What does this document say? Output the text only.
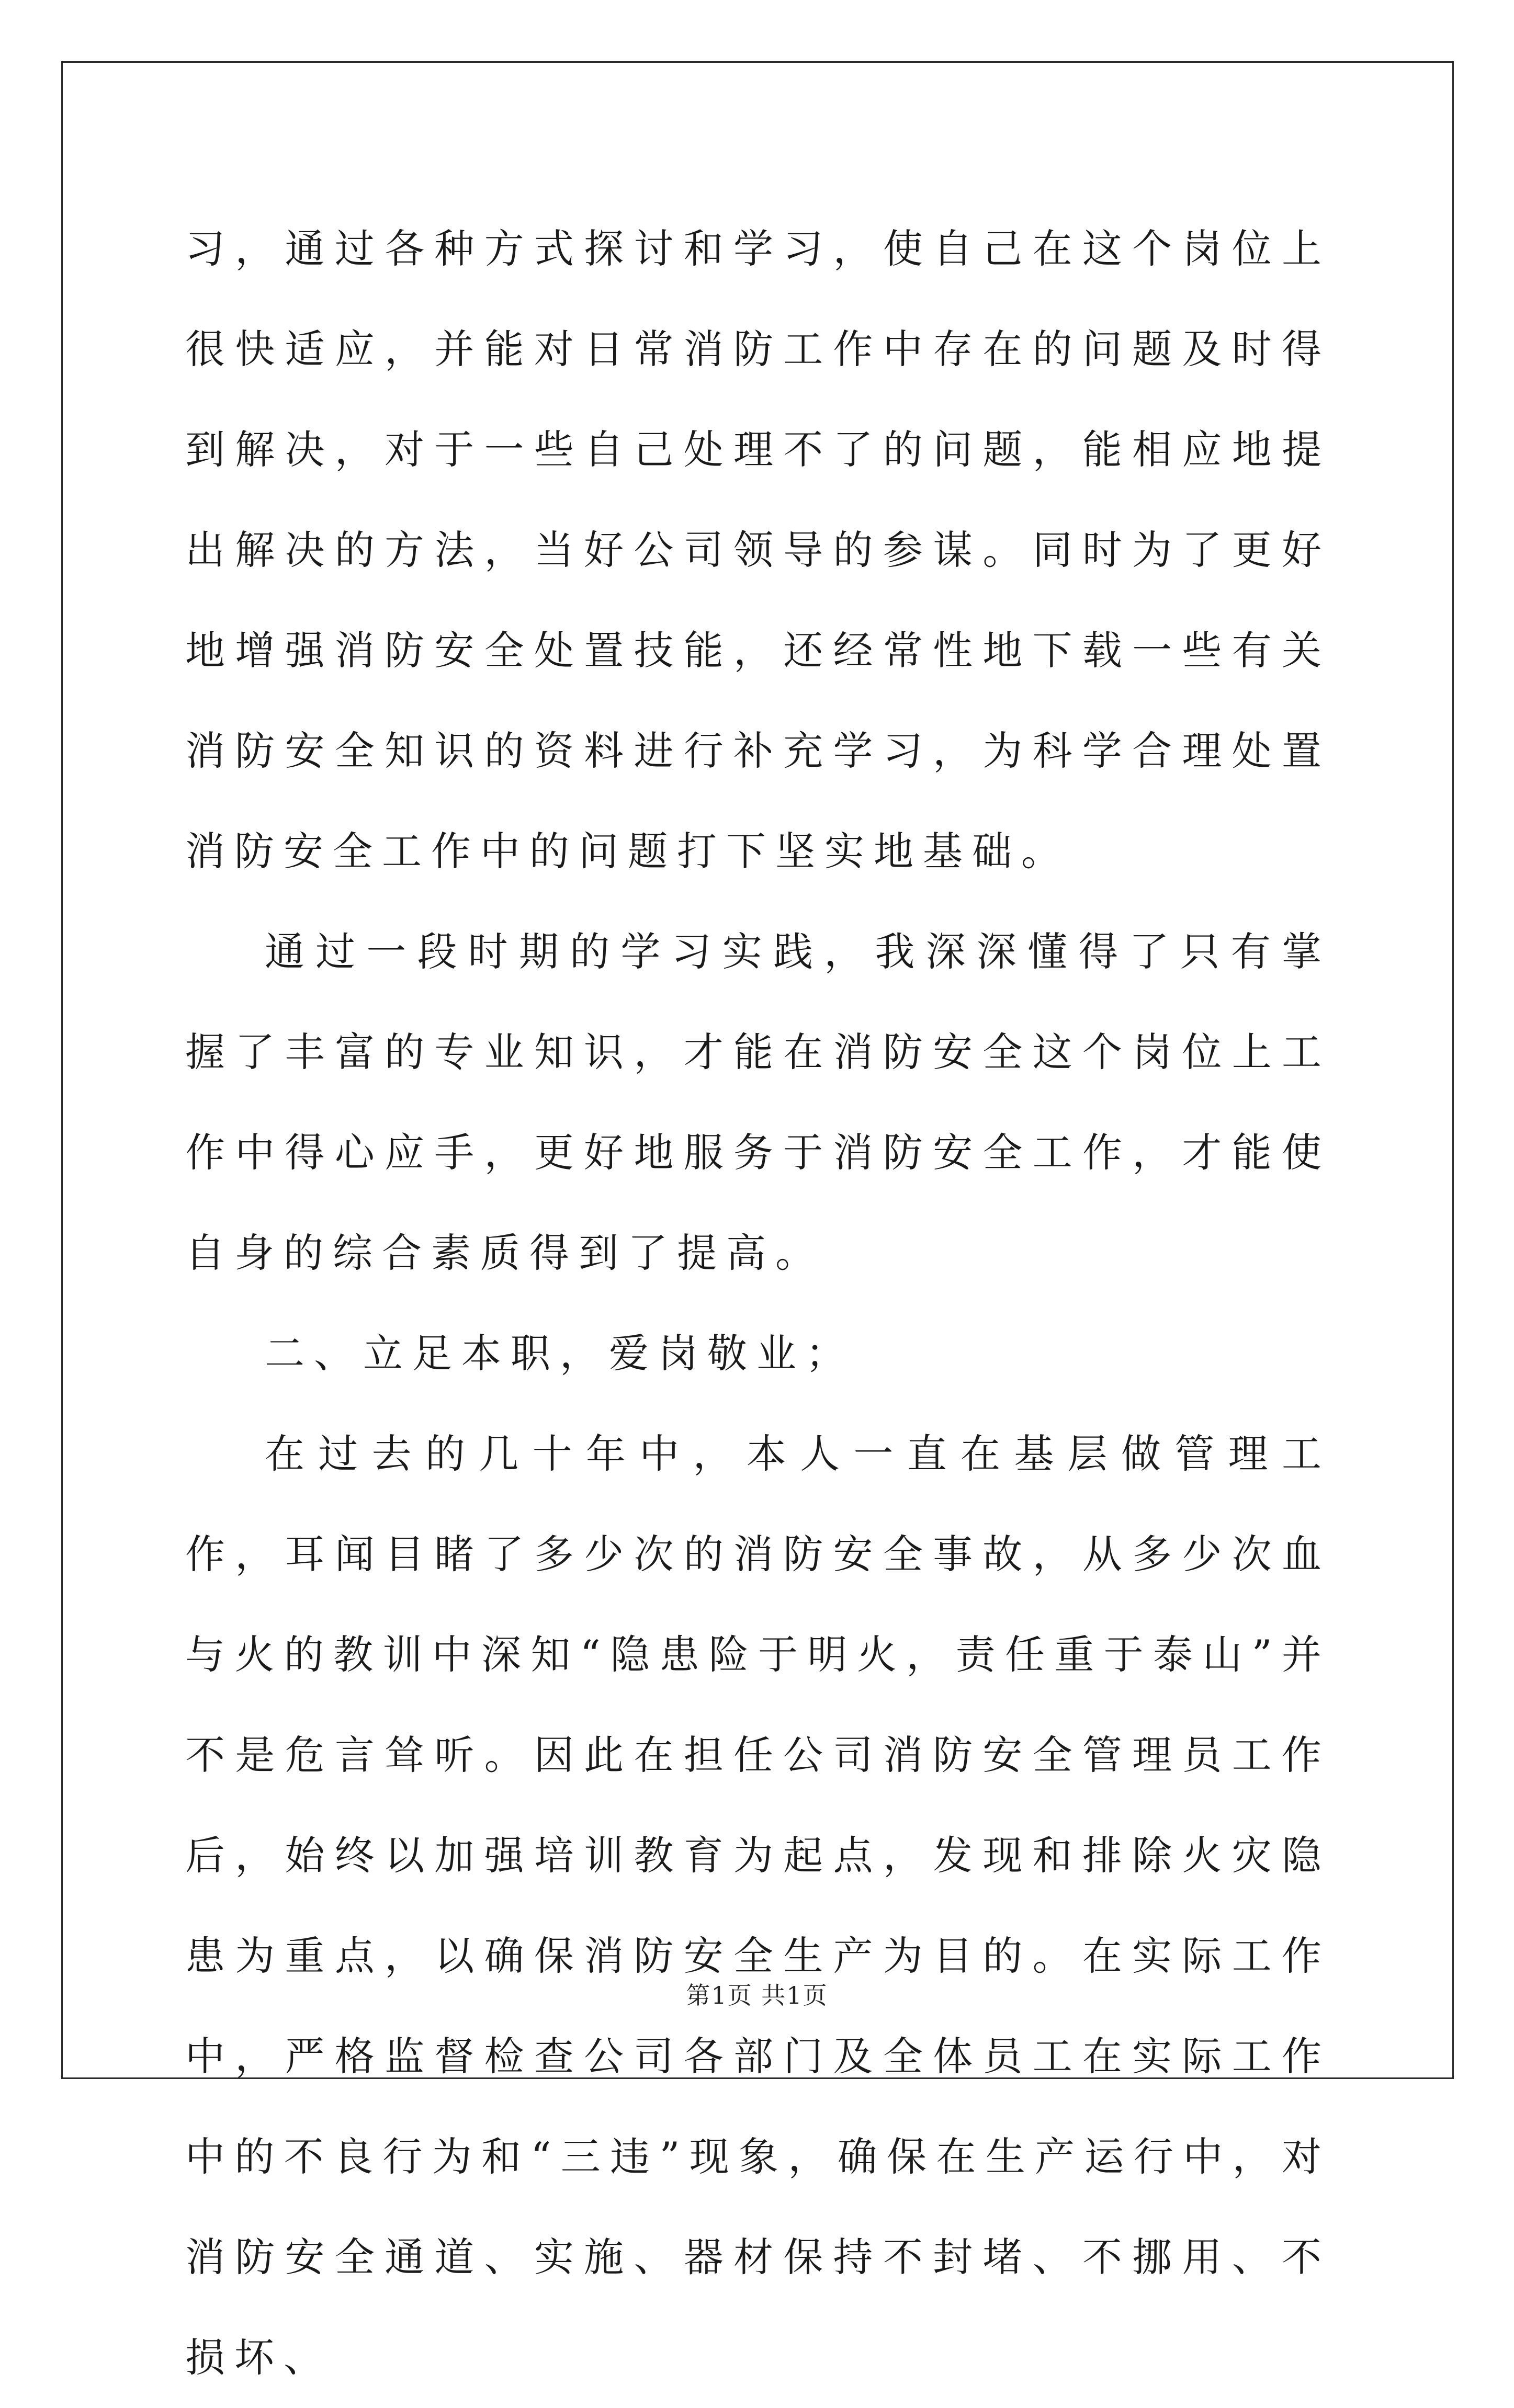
习，通过各种方式探讨和学习，使自己在这个岗位上很快适应，并能对日常消防工作中存在的问题及时得到解决，对于一些自己处理不了的问题，能相应地提出解决的方法，当好公司领导的参谋。同时为了更好地增强消防安全处置技能，还经常性地下载一些有关消防安全知识的资料进行补充学习，为科学合理处置消防安全工作中的问题打下坚实地基础。

通过一段时期的学习实践，我深深懂得了只有掌握了丰富的专业知识，才能在消防安全这个岗位上工作中得心应手，更好地服务于消防安全工作，才能使自身的综合素质得到了提高。

二、立足本职，爱岗敬业；

在过去的几十年中，本人一直在基层做管理工作，耳闻目睹了多少次的消防安全事故，从多少次血与火的教训中深知“隐患险于明火，责任重于泰山”并不是危言耸听。因此在担任公司消防安全管理员工作后，始终以加强培训教育为起点，发现和排除火灾隐患为重点，以确保消防安全生产为目的。在实际工作中，严格监督检查公司各部门及全体员工在实际工作中的不良行为和“三违”现象，确保在生产运行中，对消防安全通道、实施、器材保持不封堵、不挪用、不损坏、

第1页 共1页
